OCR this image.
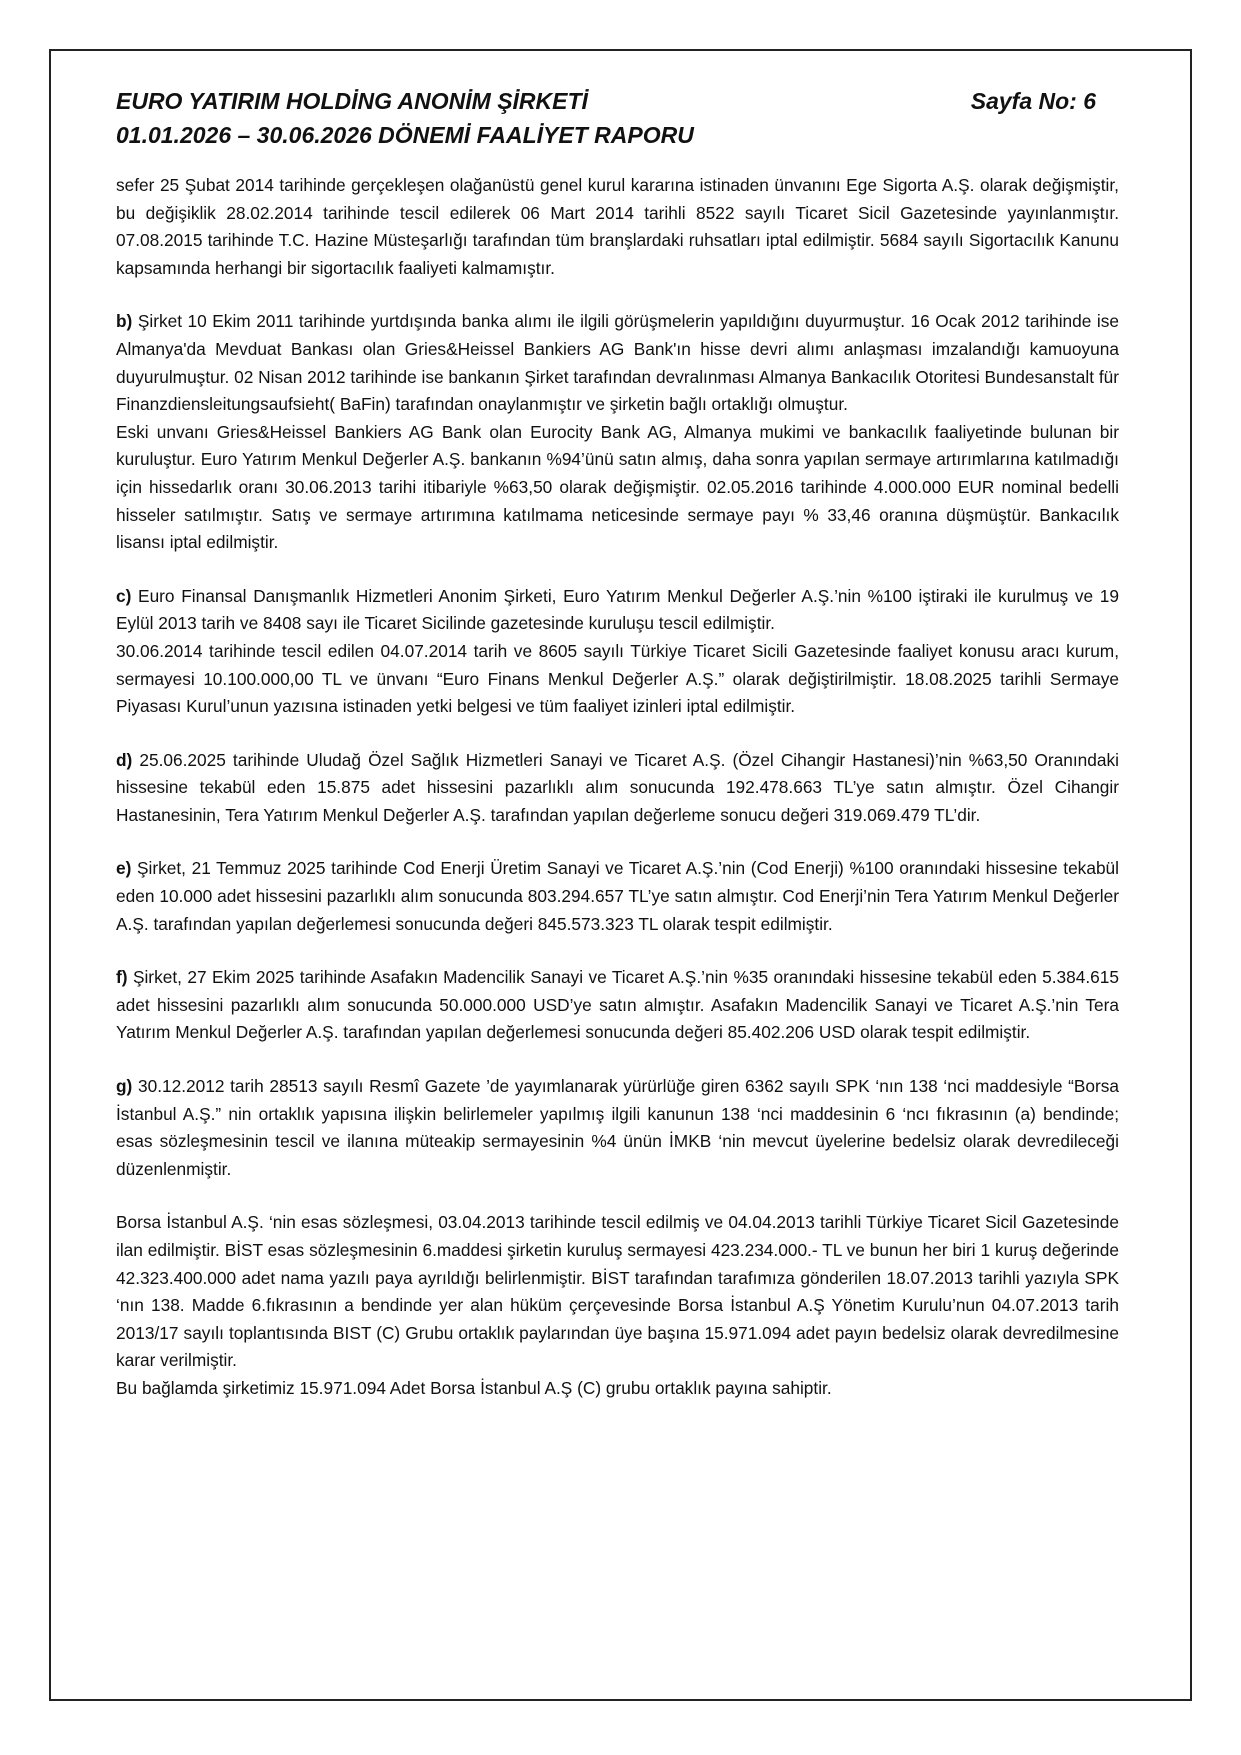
EURO YATIRIM HOLDİNG ANONİM ŞİRKETİ	Sayfa No: 6
01.01.2026 – 30.06.2026 DÖNEMİ FAALİYET RAPORU

sefer 25 Şubat 2014 tarihinde gerçekleşen olağanüstü genel kurul kararına istinaden ünvanını Ege Sigorta A.Ş. olarak değişmiştir, bu değişiklik 28.02.2014 tarihinde tescil edilerek 06 Mart 2014 tarihli 8522 sayılı Ticaret Sicil Gazetesinde yayınlanmıştır. 07.08.2015 tarihinde T.C. Hazine Müsteşarlığı tarafından tüm branşlardaki ruhsatları iptal edilmiştir. 5684 sayılı Sigortacılık Kanunu kapsamında herhangi bir sigortacılık faaliyeti kalmamıştır.

b) Şirket 10 Ekim 2011 tarihinde yurtdışında banka alımı ile ilgili görüşmelerin yapıldığını duyurmuştur. 16 Ocak 2012 tarihinde ise Almanya'da Mevduat Bankası olan Gries&Heissel Bankiers AG Bank'ın hisse devri alımı anlaşması imzalandığı kamuoyuna duyurulmuştur. 02 Nisan 2012 tarihinde ise bankanın Şirket tarafından devralınması Almanya Bankacılık Otoritesi Bundesanstalt für Finanzdiensleitungsaufsieht( BaFin) tarafından onaylanmıştır ve şirketin bağlı ortaklığı olmuştur.

Eski unvanı Gries&Heissel Bankiers AG Bank olan Eurocity Bank AG, Almanya mukimi ve bankacılık faaliyetinde bulunan bir kuruluştur. Euro Yatırım Menkul Değerler A.Ş. bankanın %94’ünü satın almış, daha sonra yapılan sermaye artırımlarına katılmadığı için hissedarlık oranı 30.06.2013 tarihi itibariyle %63,50 olarak değişmiştir. 02.05.2016 tarihinde 4.000.000 EUR nominal bedelli hisseler satılmıştır. Satış ve sermaye artırımına katılmama neticesinde sermaye payı % 33,46 oranına düşmüştür. Bankacılık lisansı iptal edilmiştir.

c) Euro Finansal Danışmanlık Hizmetleri Anonim Şirketi, Euro Yatırım Menkul Değerler A.Ş.’nin %100 iştiraki ile kurulmuş ve 19 Eylül 2013 tarih ve 8408 sayı ile Ticaret Sicilinde gazetesinde kuruluşu tescil edilmiştir.

30.06.2014 tarihinde tescil edilen 04.07.2014 tarih ve 8605 sayılı Türkiye Ticaret Sicili Gazetesinde faaliyet konusu aracı kurum, sermayesi 10.100.000,00 TL ve ünvanı “Euro Finans Menkul Değerler A.Ş.” olarak değiştirilmiştir. 18.08.2025 tarihli Sermaye Piyasası Kurul’unun yazısına istinaden yetki belgesi ve tüm faaliyet izinleri iptal edilmiştir.

d) 25.06.2025 tarihinde Uludağ Özel Sağlık Hizmetleri Sanayi ve Ticaret A.Ş. (Özel Cihangir Hastanesi)’nin %63,50 Oranındaki hissesine tekabül eden 15.875 adet hissesini pazarlıklı alım sonucunda 192.478.663 TL’ye satın almıştır. Özel Cihangir Hastanesinin, Tera Yatırım Menkul Değerler A.Ş. tarafından yapılan değerleme sonucu değeri 319.069.479 TL’dir.

e) Şirket, 21 Temmuz 2025 tarihinde Cod Enerji Üretim Sanayi ve Ticaret A.Ş.’nin (Cod Enerji) %100 oranındaki hissesine tekabül eden 10.000 adet hissesini pazarlıklı alım sonucunda 803.294.657 TL’ye satın almıştır. Cod Enerji’nin Tera Yatırım Menkul Değerler A.Ş. tarafından yapılan değerlemesi sonucunda değeri 845.573.323 TL olarak tespit edilmiştir.

f) Şirket, 27 Ekim 2025 tarihinde Asafakın Madencilik Sanayi ve Ticaret A.Ş.’nin %35 oranındaki hissesine tekabül eden 5.384.615 adet hissesini pazarlıklı alım sonucunda 50.000.000 USD’ye satın almıştır. Asafakın Madencilik Sanayi ve Ticaret A.Ş.’nin Tera Yatırım Menkul Değerler A.Ş. tarafından yapılan değerlemesi sonucunda değeri 85.402.206 USD olarak tespit edilmiştir.

g) 30.12.2012 tarih 28513 sayılı Resmî Gazete ’de yayımlanarak yürürlüğe giren 6362 sayılı SPK ‘nın 138 ‘nci maddesiyle “Borsa İstanbul A.Ş.” nin ortaklık yapısına ilişkin belirlemeler yapılmış ilgili kanunun 138 ‘nci maddesinin 6 ‘ncı fıkrasının (a) bendinde; esas sözleşmesinin tescil ve ilanına müteakip sermayesinin %4 ünün İMKB ‘nin mevcut üyelerine bedelsiz olarak devredileceği düzenlenmiştir.

Borsa İstanbul A.Ş. ‘nin esas sözleşmesi, 03.04.2013 tarihinde tescil edilmiş ve 04.04.2013 tarihli Türkiye Ticaret Sicil Gazetesinde ilan edilmiştir. BİST esas sözleşmesinin 6.maddesi şirketin kuruluş sermayesi 423.234.000.- TL ve bunun her biri 1 kuruş değerinde 42.323.400.000 adet nama yazılı paya ayrıldığı belirlenmiştir. BİST tarafından tarafımıza gönderilen 18.07.2013 tarihli yazıyla SPK ‘nın 138. Madde 6.fıkrasının a bendinde yer alan hüküm çerçevesinde Borsa İstanbul A.Ş Yönetim Kurulu’nun 04.07.2013 tarih 2013/17 sayılı toplantısında BIST (C) Grubu ortaklık paylarından üye başına 15.971.094 adet payın bedelsiz olarak devredilmesine karar verilmiştir.

Bu bağlamda şirketimiz 15.971.094 Adet Borsa İstanbul A.Ş (C) grubu ortaklık payına sahiptir.
